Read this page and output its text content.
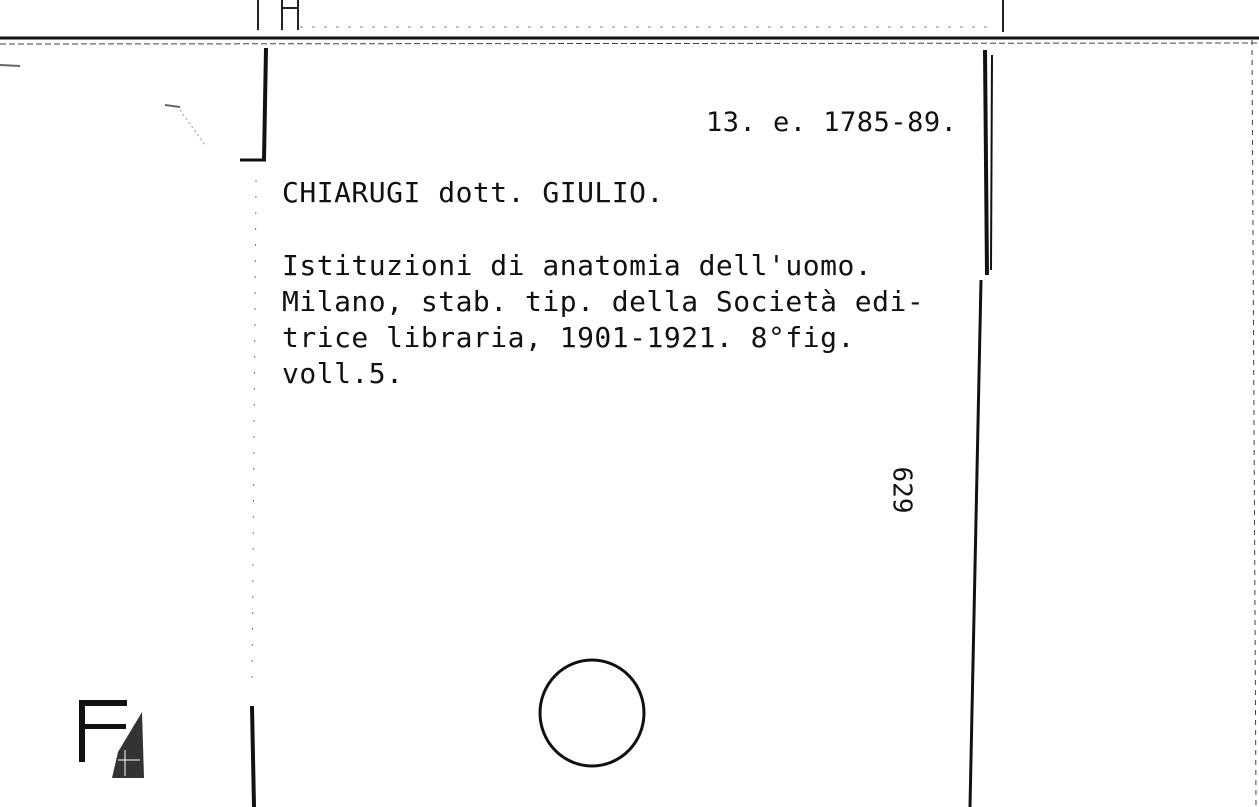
13. e. 1785-89.
CHIARUGI dott. GIULIO.
Istituzioni di anatomia dell'uomo.
Milano, stab. tip. della Società edi-
trice libraria, 1901-1921. 8°fig.
voll.5.
629
